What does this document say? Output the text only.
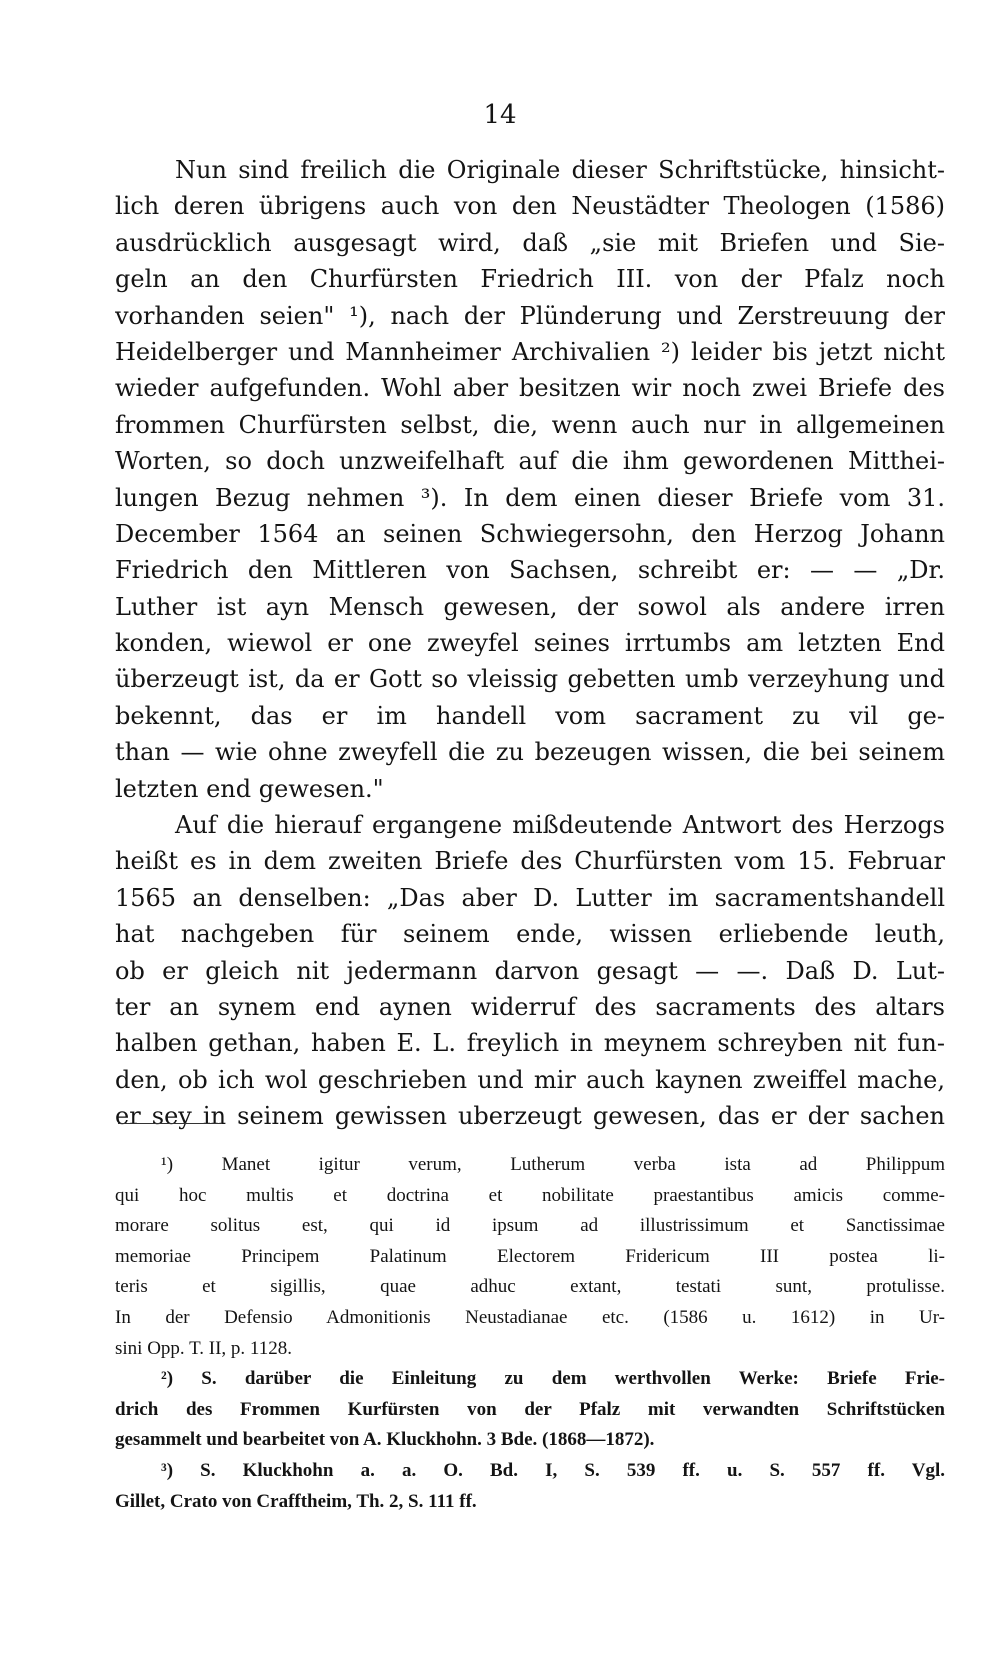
14
Nun sind freilich die Originale dieser Schriftstücke, hinsicht-
lich deren übrigens auch von den Neustädter Theologen (1586)
ausdrücklich ausgesagt wird, daß „sie mit Briefen und Sie-
geln an den Churfürsten Friedrich III. von der Pfalz noch
vorhanden seien" ¹), nach der Plünderung und Zerstreuung der
Heidelberger und Mannheimer Archivalien ²) leider bis jetzt nicht
wieder aufgefunden. Wohl aber besitzen wir noch zwei Briefe des
frommen Churfürsten selbst, die, wenn auch nur in allgemeinen
Worten, so doch unzweifelhaft auf die ihm gewordenen Mitthei-
lungen Bezug nehmen ³). In dem einen dieser Briefe vom 31.
December 1564 an seinen Schwiegersohn, den Herzog Johann
Friedrich den Mittleren von Sachsen, schreibt er: — — „Dr.
Luther ist ayn Mensch gewesen, der sowol als andere irren
konden, wiewol er one zweyfel seines irrtumbs am letzten End
überzeugt ist, da er Gott so vleissig gebetten umb verzeyhung und
bekennt, das er im handell vom sacrament zu vil ge-
than — wie ohne zweyfell die zu bezeugen wissen, die bei seinem
letzten end gewesen."
Auf die hierauf ergangene mißdeutende Antwort des Herzogs
heißt es in dem zweiten Briefe des Churfürsten vom 15. Februar
1565 an denselben: „Das aber D. Lutter im sacramentshandell
hat nachgeben für seinem ende, wissen erliebende leuth,
ob er gleich nit jedermann darvon gesagt — —. Daß D. Lut-
ter an synem end aynen widerruf des sacraments des altars
halben gethan, haben E. L. freylich in meynem schreyben nit fun-
den, ob ich wol geschrieben und mir auch kaynen zweiffel mache,
er sey in seinem gewissen uberzeugt gewesen, das er der sachen
¹) Manet igitur verum, Lutherum verba ista ad Philippum
qui hoc multis et doctrina et nobilitate praestantibus amicis comme-
morare solitus est, qui id ipsum ad illustrissimum et Sanctissimae
memoriae Principem Palatinum Electorem Fridericum III postea li-
teris et sigillis, quae adhuc extant, testati sunt, protulisse.
In der Defensio Admonitionis Neustadianae etc. (1586 u. 1612) in Ur-
sini Opp. T. II, p. 1128.
²) S. darüber die Einleitung zu dem werthvollen Werke: Briefe Frie-
drich des Frommen Kurfürsten von der Pfalz mit verwandten Schriftstücken
gesammelt und bearbeitet von A. Kluckhohn. 3 Bde. (1868—1872).
³) S. Kluckhohn a. a. O. Bd. I, S. 539 ff. u. S. 557 ff. Vgl.
Gillet, Crato von Crafftheim, Th. 2, S. 111 ff.
